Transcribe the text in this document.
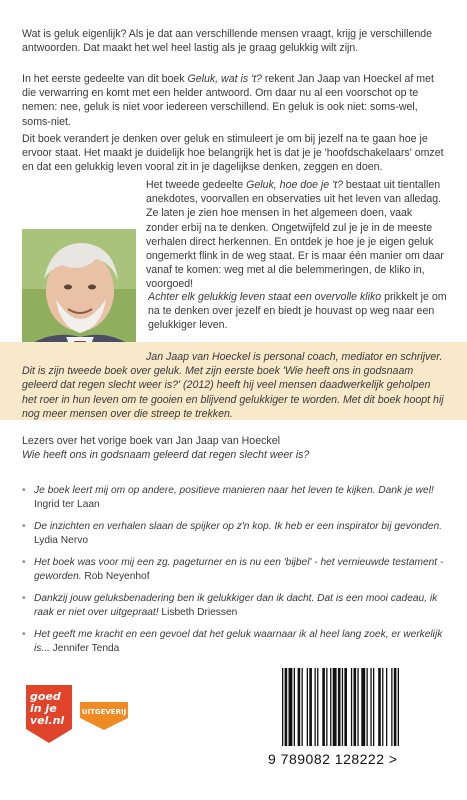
Wat is geluk eigenlijk? Als je dat aan verschillende mensen vraagt, krijg je verschillende antwoorden. Dat maakt het wel heel lastig als je graag gelukkig wilt zijn.

In het eerste gedeelte van dit boek Geluk, wat is 't? rekent Jan Jaap van Hoeckel af met die verwarring en komt met een helder antwoord. Om daar nu al een voorschot op te nemen: nee, geluk is niet voor iedereen verschillend. En geluk is ook niet: soms-wel, soms-niet.

Dit boek verandert je denken over geluk en stimuleert je om bij jezelf na te gaan hoe je ervoor staat. Het maakt je duidelijk hoe belangrijk het is dat je je 'hoofdschakelaars' omzet en dat een gelukkig leven vooral zit in je dagelijkse denken, zeggen en doen.

Het tweede gedeelte Geluk, hoe doe je 't? bestaat uit tientallen anekdotes, voorvallen en observaties uit het leven van alledag. Ze laten je zien hoe mensen in het algemeen doen, vaak zonder erbij na te denken. Ongetwijfeld zul je je in de meeste verhalen direct herkennen. En ontdek je hoe je je eigen geluk ongemerkt flink in de weg staat. Er is maar één manier om daar vanaf te komen: weg met al die belemmeringen, de kliko in, voorgoed!

Achter elk gelukkig leven staat een overvolle kliko prikkelt je om na te denken over jezelf en biedt je houvast op weg naar een gelukkiger leven.

Jan Jaap van Hoeckel is personal coach, mediator en schrijver. Dit is zijn tweede boek over geluk. Met zijn eerste boek 'Wie heeft ons in godsnaam geleerd dat regen slecht weer is?' (2012) heeft hij veel mensen daadwerkelijk geholpen het roer in hun leven om te gooien en blijvend gelukkiger te worden. Met dit boek hoopt hij nog meer mensen over die streep te trekken.

Lezers over het vorige boek van Jan Jaap van Hoeckel
Wie heeft ons in godsnaam geleerd dat regen slecht weer is?
• Je boek leert mij om op andere, positieve manieren naar het leven te kijken. Dank je wel! Ingrid ter Laan
• De inzichten en verhalen slaan de spijker op z'n kop. Ik heb er een inspirator bij gevonden. Lydia Nervo
• Het boek was voor mij een zg. pageturner en is nu een 'bijbel' - het vernieuwde testament - geworden. Rob Neyenhof
• Dankzij jouw geluksbenadering ben ik gelukkiger dan ik dacht. Dat is een mooi cadeau, ik raak er niet over uitgepraat! Lisbeth Driessen
• Het geeft me kracht en een gevoel dat het geluk waarnaar ik al heel lang zoek, er werkelijk is... Jennifer Tenda
goed
in je
vel.nl
UITGEVERIJ
9 789082 128222 >
